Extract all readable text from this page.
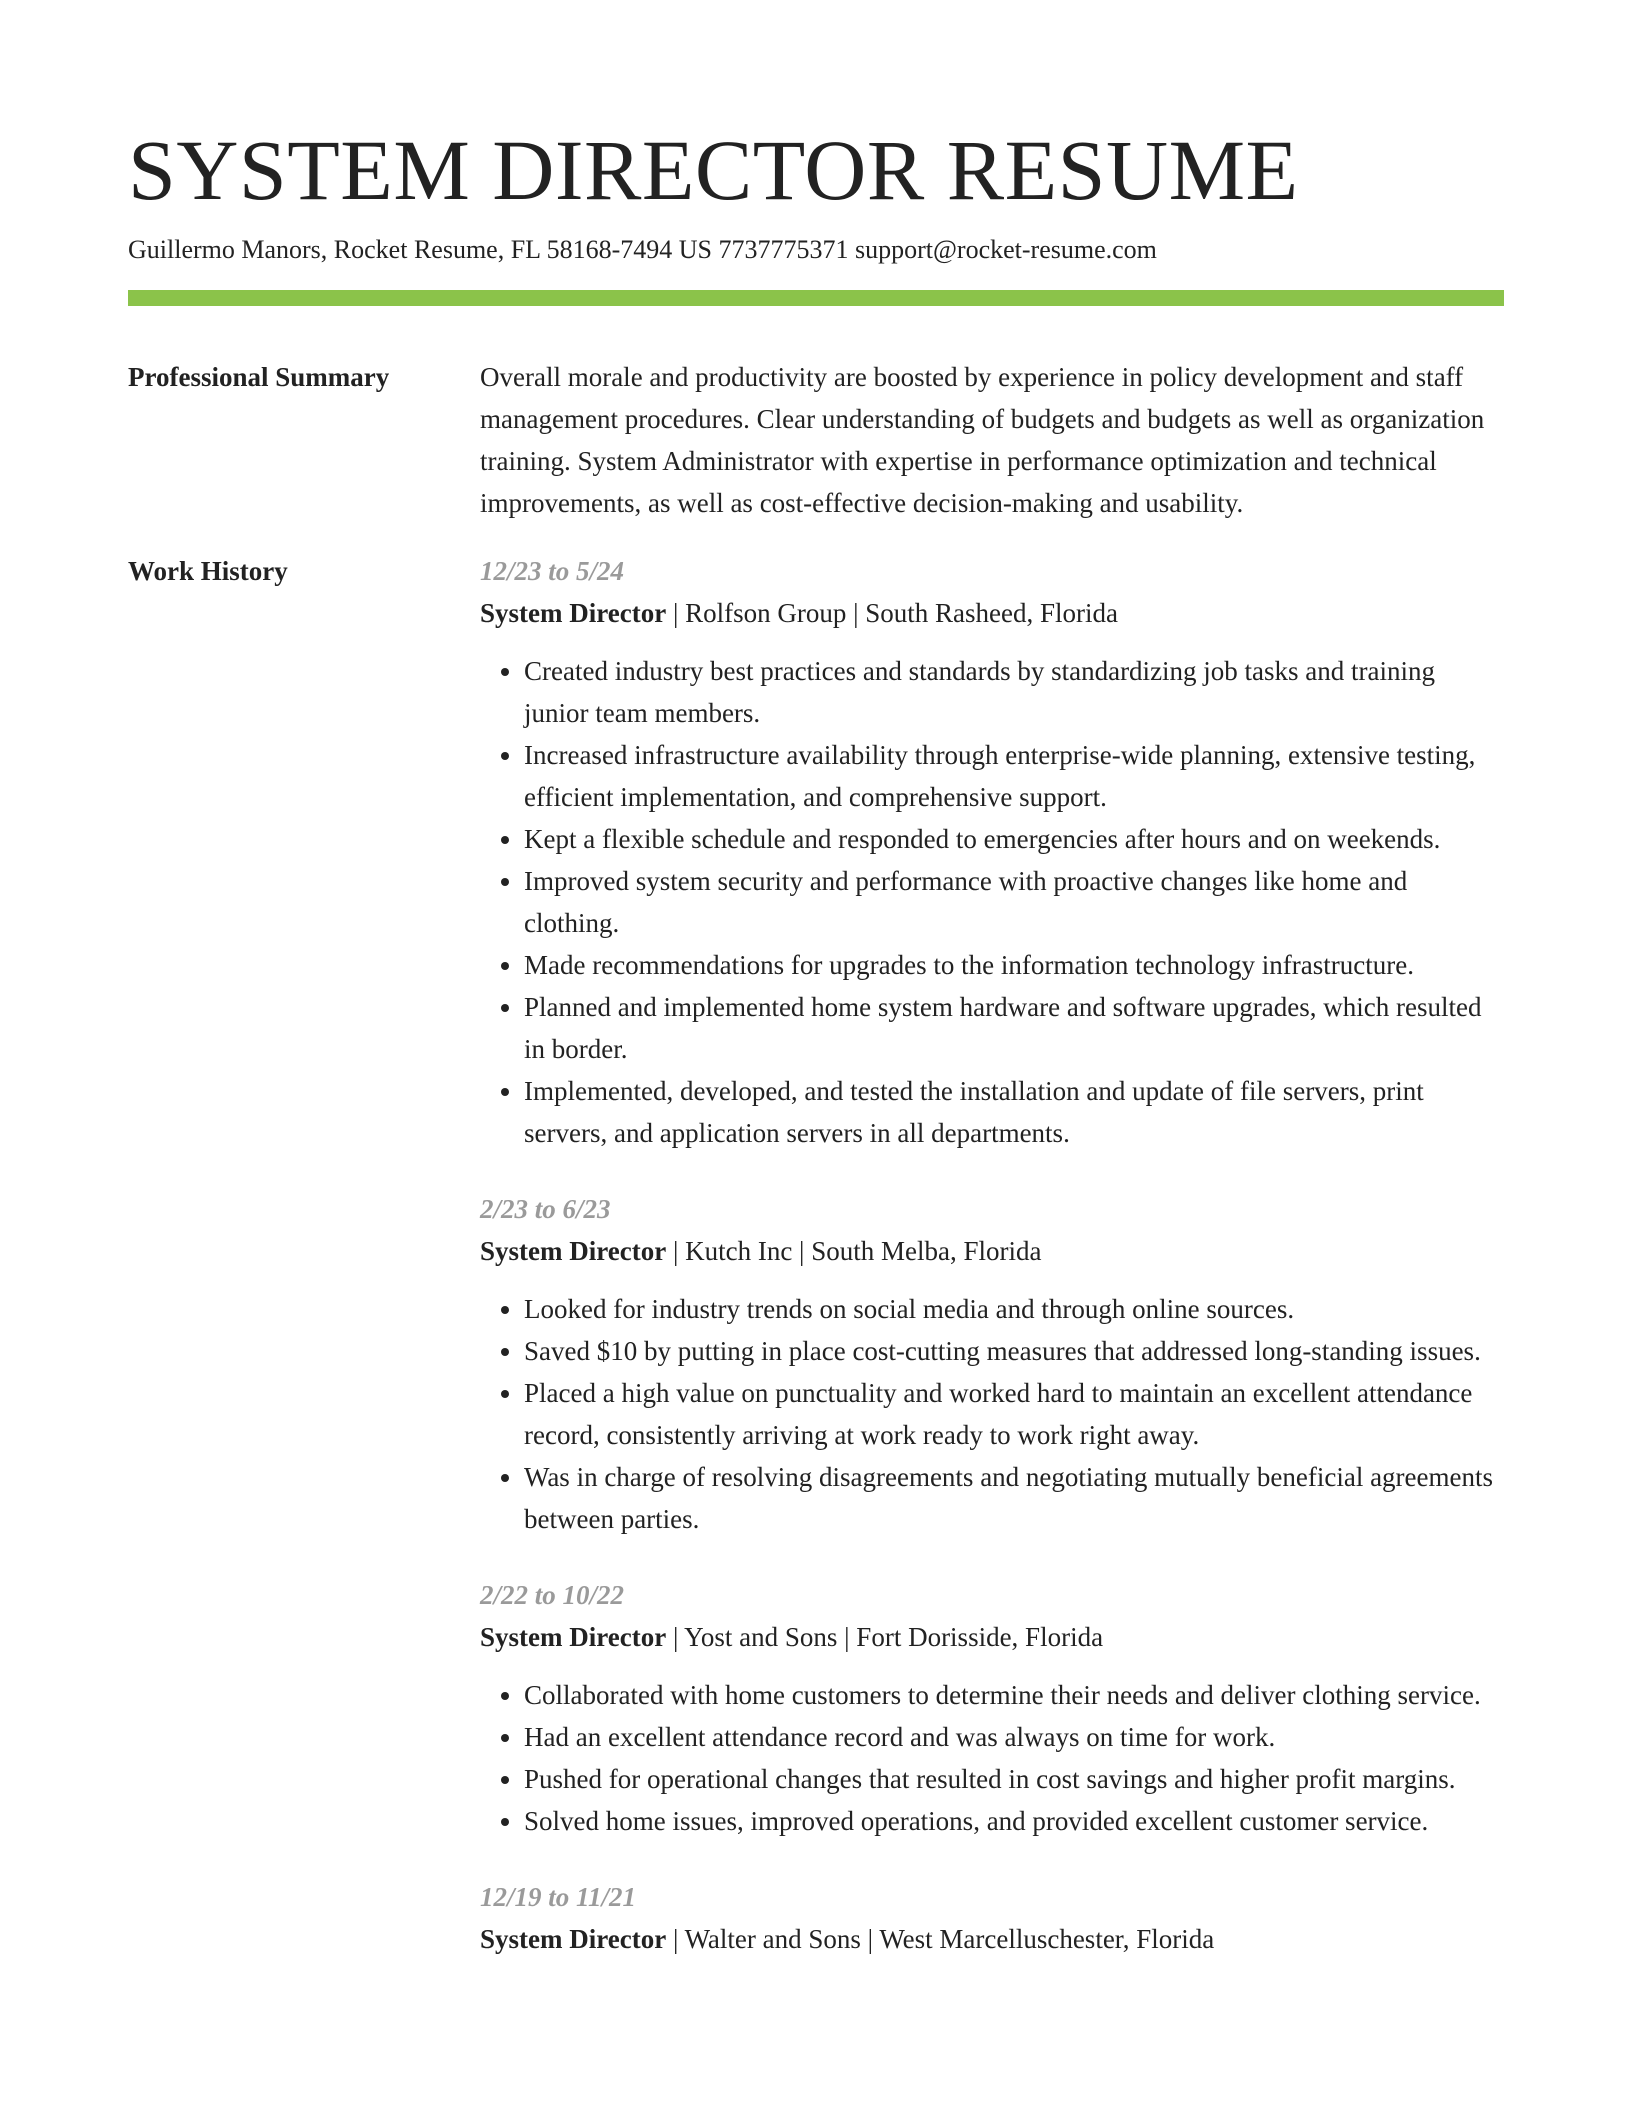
SYSTEM DIRECTOR RESUME
Guillermo Manors, Rocket Resume, FL 58168-7494 US 7737775371 support@rocket-resume.com
Professional Summary	Overall morale and productivity are boosted by experience in policy development and staff management procedures. Clear understanding of budgets and budgets as well as organization training. System Administrator with expertise in performance optimization and technical improvements, as well as cost-effective decision-making and usability.

Work History	12/23 to 5/24
System Director | Rolfson Group | South Rasheed, Florida
• Created industry best practices and standards by standardizing job tasks and training junior team members.
• Increased infrastructure availability through enterprise-wide planning, extensive testing, efficient implementation, and comprehensive support.
• Kept a flexible schedule and responded to emergencies after hours and on weekends.
• Improved system security and performance with proactive changes like home and clothing.
• Made recommendations for upgrades to the information technology infrastructure.
• Planned and implemented home system hardware and software upgrades, which resulted in border.
• Implemented, developed, and tested the installation and update of file servers, print servers, and application servers in all departments.
2/23 to 6/23
System Director | Kutch Inc | South Melba, Florida
• Looked for industry trends on social media and through online sources.
• Saved $10 by putting in place cost-cutting measures that addressed long-standing issues.
• Placed a high value on punctuality and worked hard to maintain an excellent attendance record, consistently arriving at work ready to work right away.
• Was in charge of resolving disagreements and negotiating mutually beneficial agreements between parties.
2/22 to 10/22
System Director | Yost and Sons | Fort Dorisside, Florida
• Collaborated with home customers to determine their needs and deliver clothing service.
• Had an excellent attendance record and was always on time for work.
• Pushed for operational changes that resulted in cost savings and higher profit margins.
• Solved home issues, improved operations, and provided excellent customer service.
12/19 to 11/21
System Director | Walter and Sons | West Marcelluschester, Florida
